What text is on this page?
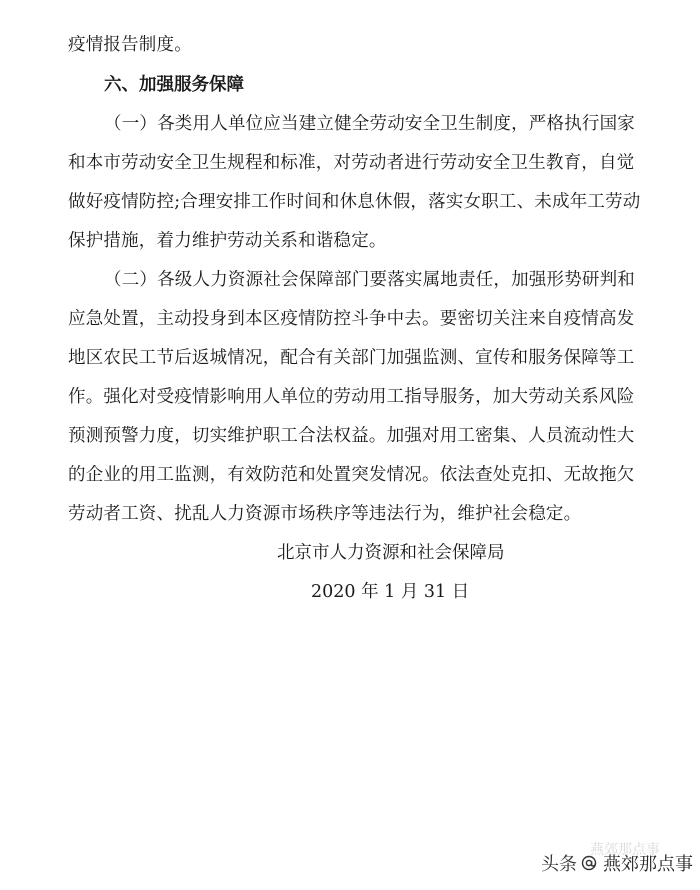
疫情报告制度。
六、加强服务保障
（一）各类用人单位应当建立健全劳动安全卫生制度，严格执行国家
和本市劳动安全卫生规程和标准，对劳动者进行劳动安全卫生教育，自觉
做好疫情防控;合理安排工作时间和休息休假，落实女职工、未成年工劳动
保护措施，着力维护劳动关系和谐稳定。
（二）各级人力资源社会保障部门要落实属地责任，加强形势研判和
应急处置，主动投身到本区疫情防控斗争中去。要密切关注来自疫情高发
地区农民工节后返城情况，配合有关部门加强监测、宣传和服务保障等工
作。强化对受疫情影响用人单位的劳动用工指导服务，加大劳动关系风险
预测预警力度，切实维护职工合法权益。加强对用工密集、人员流动性大
的企业的用工监测，有效防范和处置突发情况。依法查处克扣、无故拖欠
劳动者工资、扰乱人力资源市场秩序等违法行为，维护社会稳定。
北京市人力资源和社会保障局
2020 年 1 月 31 日
燕郊那点事
头条 燕郊那点事
